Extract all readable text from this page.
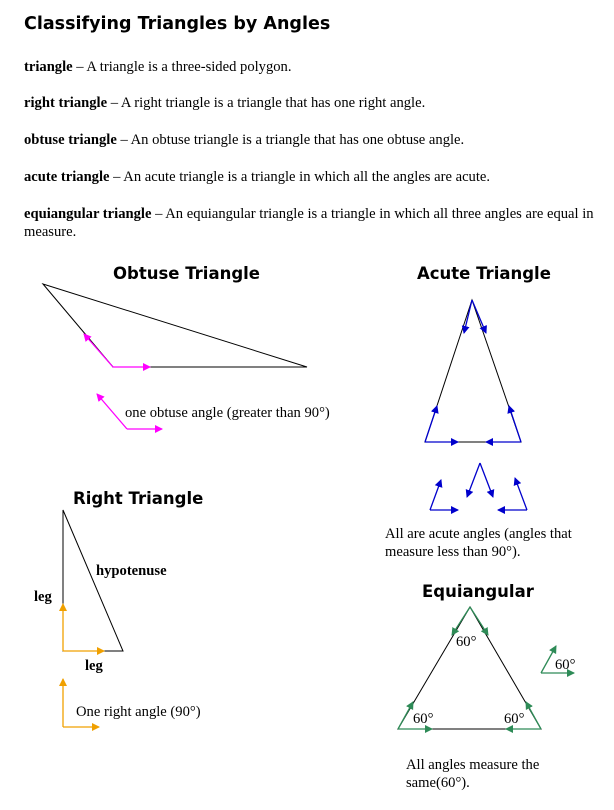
Classifying Triangles by Angles

triangle – A triangle is a three-sided polygon.

right triangle – A right triangle is a triangle that has one right angle.

obtuse triangle – An obtuse triangle is a triangle that has one obtuse angle.

acute triangle – An acute triangle is a triangle in which all the angles are acute.

equiangular triangle – An equiangular triangle is a triangle in which all three angles are equal in measure.

Obtuse Triangle	Acute Triangle
Right Triangle
Equiangular

one obtuse angle (greater than 90°)

All are acute angles (angles that measure less than 90°).

hypotenuse

leg

leg

One right angle (90°)

60°

60°	60°

60°

All angles measure the same(60°).
